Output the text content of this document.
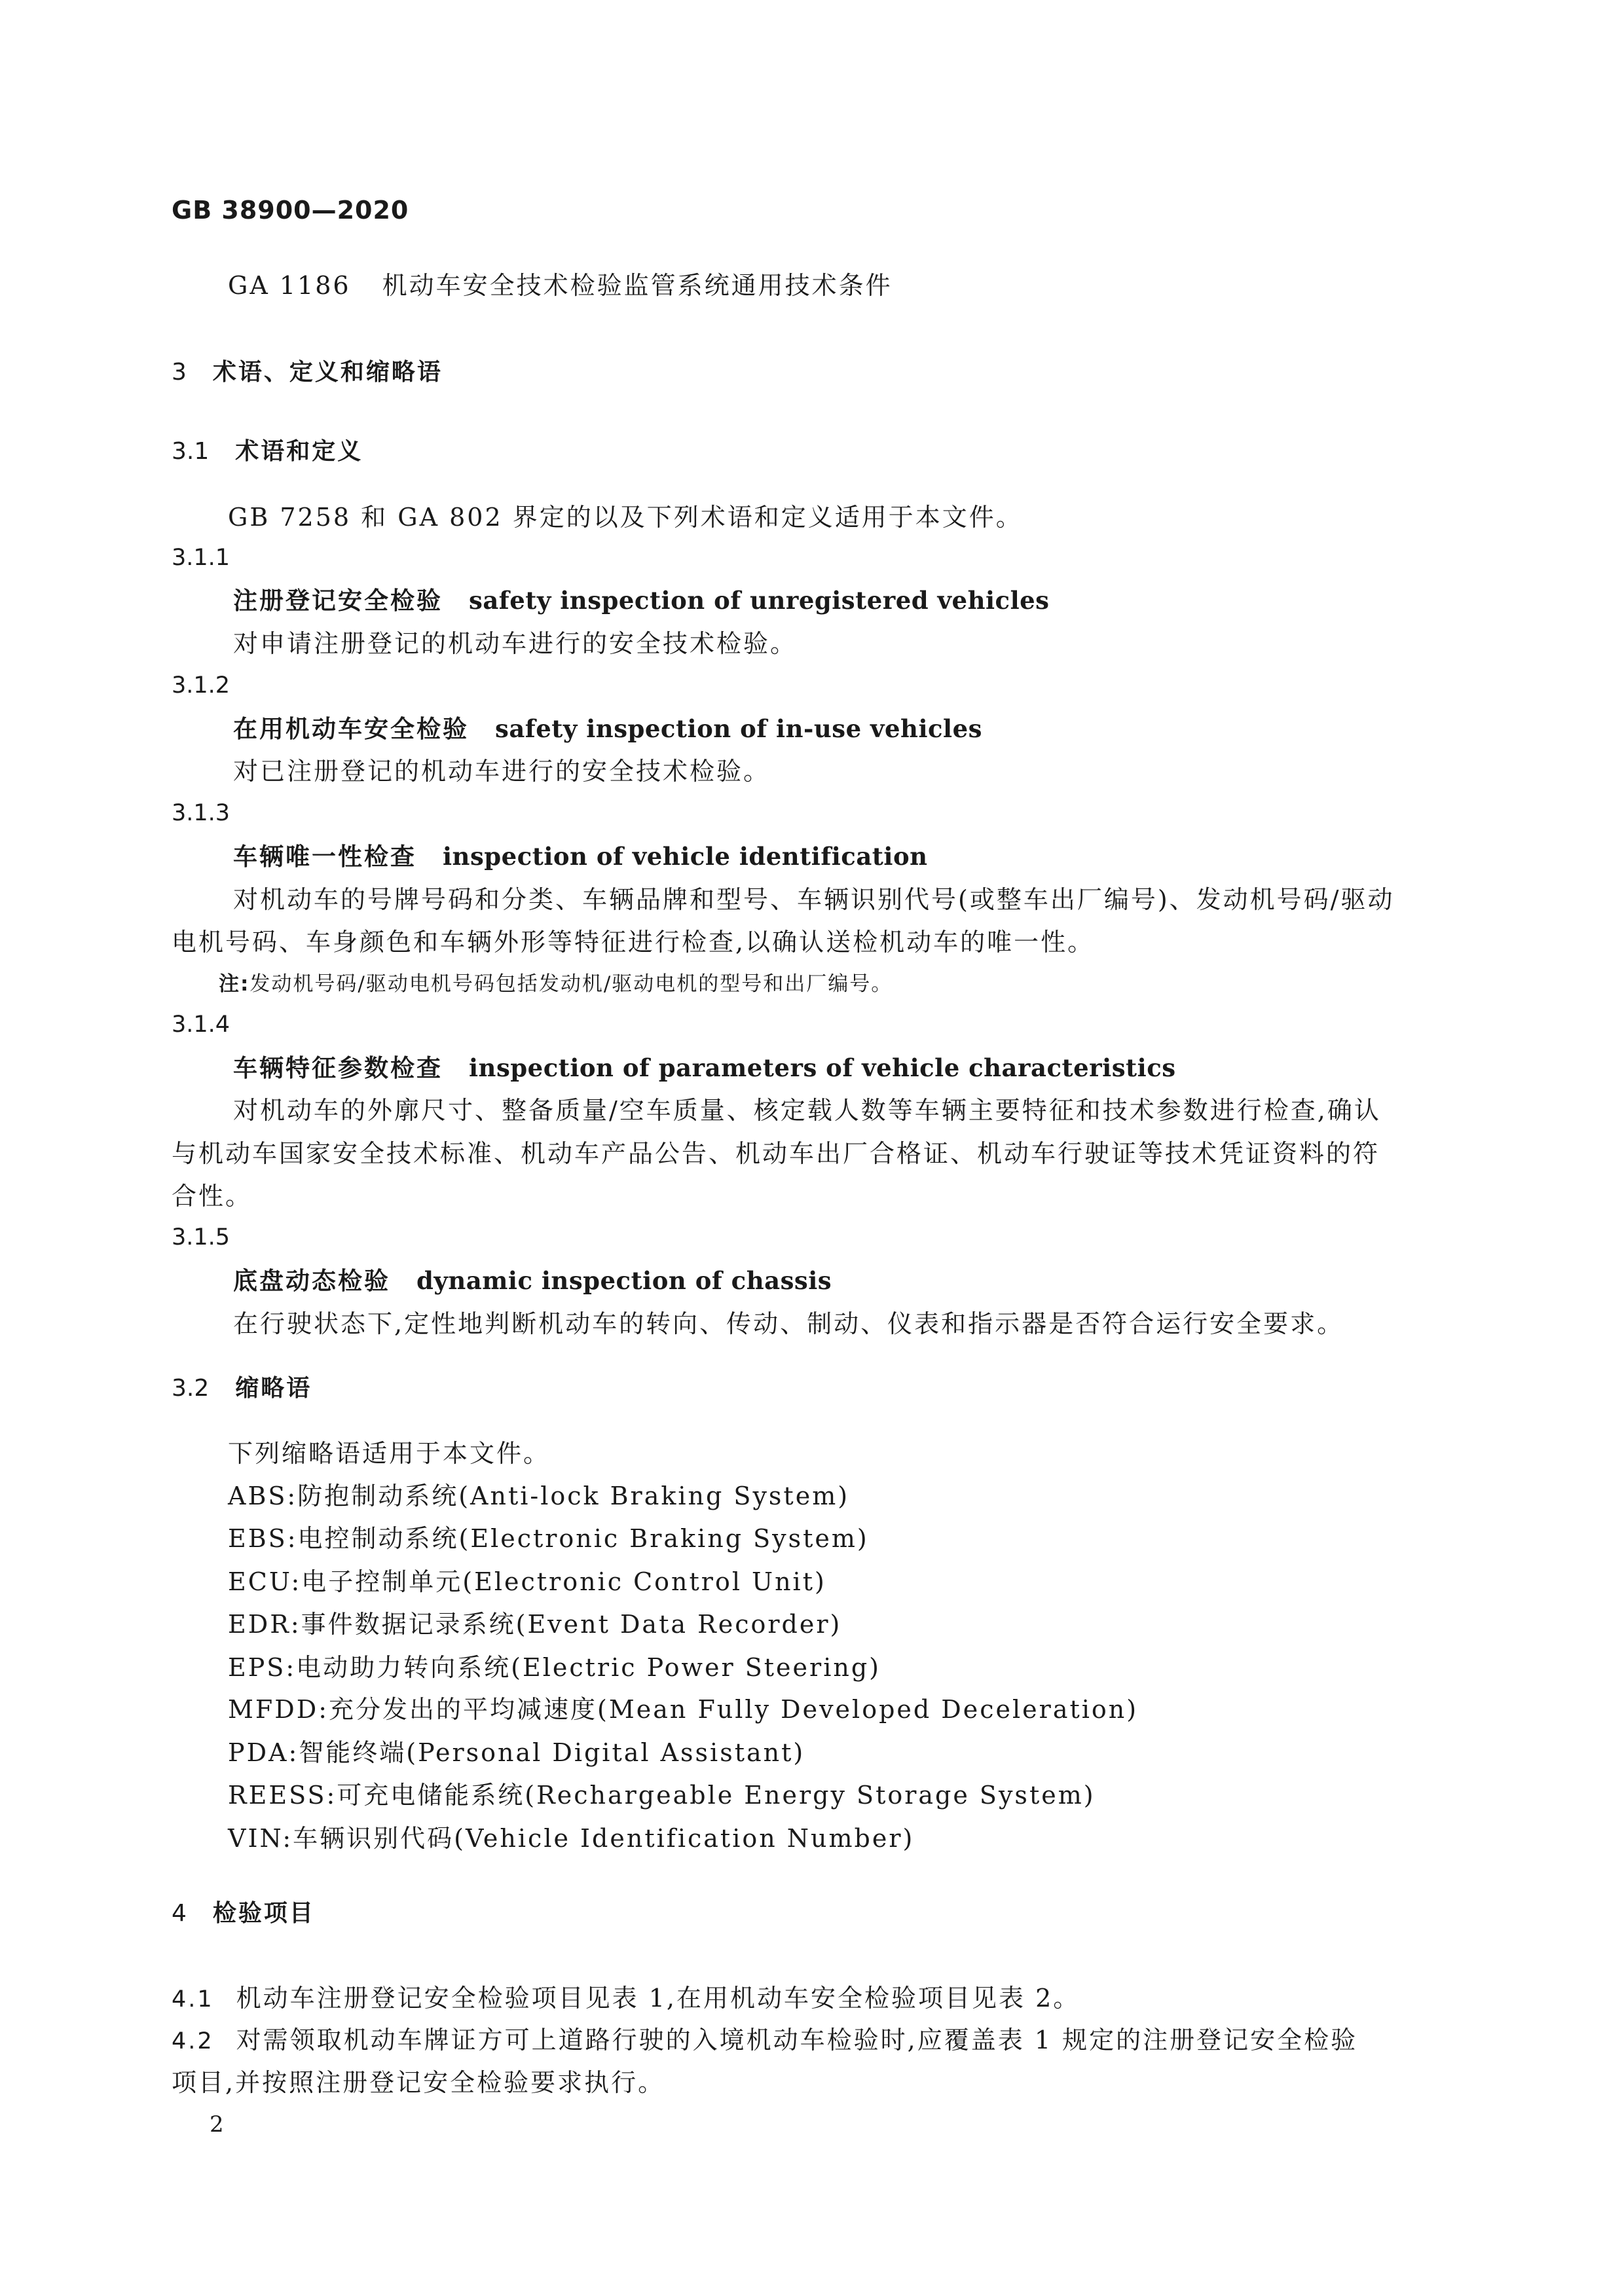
GB 38900—2020
GA 1186 机动车安全技术检验监管系统通用技术条件
3 术语、定义和缩略语
3.1 术语和定义
GB 7258 和 GA 802 界定的以及下列术语和定义适用于本文件。
3.1.1
注册登记安全检验 safety inspection of unregistered vehicles
对申请注册登记的机动车进行的安全技术检验。
3.1.2
在用机动车安全检验 safety inspection of in-use vehicles
对已注册登记的机动车进行的安全技术检验。
3.1.3
车辆唯一性检查 inspection of vehicle identification
对机动车的号牌号码和分类、车辆品牌和型号、车辆识别代号(或整车出厂编号)、发动机号码/驱动
电机号码、车身颜色和车辆外形等特征进行检查,以确认送检机动车的唯一性。
注:发动机号码/驱动电机号码包括发动机/驱动电机的型号和出厂编号。
3.1.4
车辆特征参数检查 inspection of parameters of vehicle characteristics
对机动车的外廓尺寸、整备质量/空车质量、核定载人数等车辆主要特征和技术参数进行检查,确认
与机动车国家安全技术标准、机动车产品公告、机动车出厂合格证、机动车行驶证等技术凭证资料的符
合性。
3.1.5
底盘动态检验 dynamic inspection of chassis
在行驶状态下,定性地判断机动车的转向、传动、制动、仪表和指示器是否符合运行安全要求。
3.2 缩略语
下列缩略语适用于本文件。
ABS:防抱制动系统(Anti-lock Braking System)
EBS:电控制动系统(Electronic Braking System)
ECU:电子控制单元(Electronic Control Unit)
EDR:事件数据记录系统(Event Data Recorder)
EPS:电动助力转向系统(Electric Power Steering)
MFDD:充分发出的平均减速度(Mean Fully Developed Deceleration)
PDA:智能终端(Personal Digital Assistant)
REESS:可充电储能系统(Rechargeable Energy Storage System)
VIN:车辆识别代码(Vehicle Identification Number)
4 检验项目
4.1 机动车注册登记安全检验项目见表 1,在用机动车安全检验项目见表 2。
4.2 对需领取机动车牌证方可上道路行驶的入境机动车检验时,应覆盖表 1 规定的注册登记安全检验
项目,并按照注册登记安全检验要求执行。
2
